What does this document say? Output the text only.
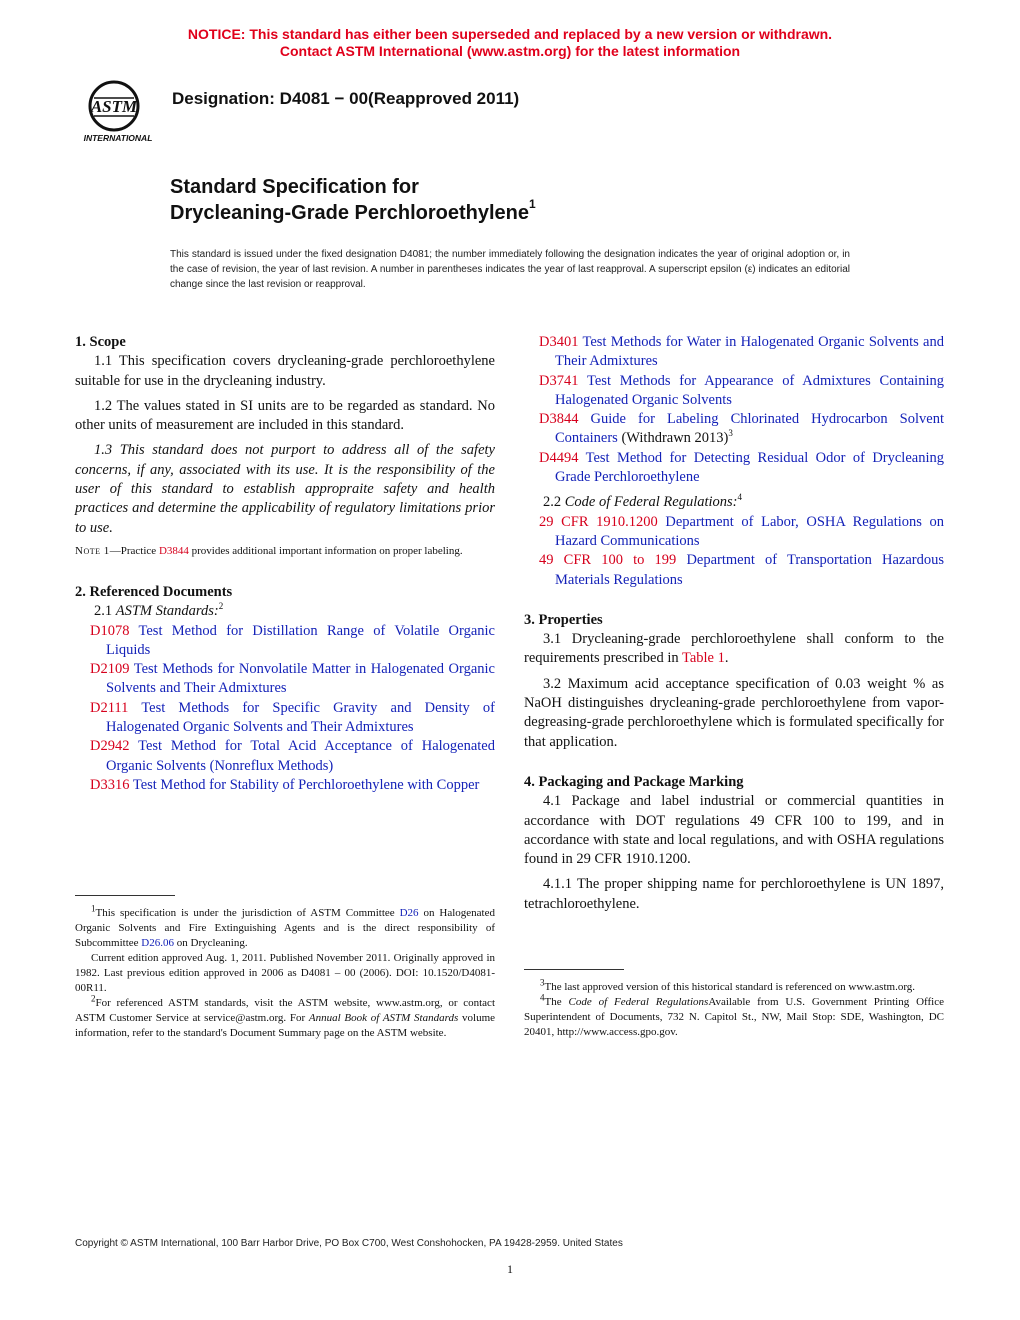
NOTICE: This standard has either been superseded and replaced by a new version or withdrawn.
Contact ASTM International (www.astm.org) for the latest information
ASTM
INTERNATIONAL
Designation: D4081 − 00(Reapproved 2011)
Standard Specification for
Drycleaning-Grade Perchloroethylene$^1$
This standard is issued under the fixed designation D4081; the number immediately following the designation indicates the year of original adoption or, in the case of revision, the year of last revision. A number in parentheses indicates the year of last reapproval. A superscript epsilon (ε) indicates an editorial change since the last revision or reapproval.

1. Scope

1.1 This specification covers drycleaning-grade perchloroethylene suitable for use in the drycleaning industry.

1.2 The values stated in SI units are to be regarded as standard. No other units of measurement are included in this standard.

1.3 This standard does not purport to address all of the safety concerns, if any, associated with its use. It is the responsibility of the user of this standard to establish appropraite safety and health practices and determine the applicability of regulatory limitations prior to use.

Note 1—Practice D3844 provides additional important information on proper labeling.

2. Referenced Documents

2.1 ASTM Standards:$^2$

D1078 Test Method for Distillation Range of Volatile Organic Liquids

D2109 Test Methods for Nonvolatile Matter in Halogenated Organic Solvents and Their Admixtures

D2111 Test Methods for Specific Gravity and Density of Halogenated Organic Solvents and Their Admixtures

D2942 Test Method for Total Acid Acceptance of Halogenated Organic Solvents (Nonreflux Methods)

D3316 Test Method for Stability of Perchloroethylene with Copper

D3401 Test Methods for Water in Halogenated Organic Solvents and Their Admixtures

D3741 Test Methods for Appearance of Admixtures Containing Halogenated Organic Solvents

D3844 Guide for Labeling Chlorinated Hydrocarbon Solvent Containers (Withdrawn 2013)$^3$

D4494 Test Method for Detecting Residual Odor of Drycleaning Grade Perchloroethylene

2.2 Code of Federal Regulations:$^4$

29 CFR 1910.1200 Department of Labor, OSHA Regulations on Hazard Communications

49 CFR 100 to 199 Department of Transportation Hazardous Materials Regulations

3. Properties

3.1 Drycleaning-grade perchloroethylene shall conform to the requirements prescribed in Table 1.

3.2 Maximum acid acceptance specification of 0.03 weight % as NaOH distinguishes drycleaning-grade perchloroethylene from vapor-degreasing-grade perchloroethylene which is formulated specifically for that application.

4. Packaging and Package Marking

4.1 Package and label industrial or commercial quantities in accordance with DOT regulations 49 CFR 100 to 199, and in accordance with state and local regulations, and with OSHA regulations found in 29 CFR 1910.1200.

4.1.1 The proper shipping name for perchloroethylene is UN 1897, tetrachloroethylene.

$^1$This specification is under the jurisdiction of ASTM Committee D26 on Halogenated Organic Solvents and Fire Extinguishing Agents and is the direct responsibility of Subcommittee D26.06 on Drycleaning.

Current edition approved Aug. 1, 2011. Published November 2011. Originally approved in 1982. Last previous edition approved in 2006 as D4081 – 00 (2006). DOI: 10.1520/D4081-00R11.

$^2$For referenced ASTM standards, visit the ASTM website, www.astm.org, or contact ASTM Customer Service at service@astm.org. For Annual Book of ASTM Standards volume information, refer to the standard's Document Summary page on the ASTM website.

$^3$The last approved version of this historical standard is referenced on www.astm.org.

$^4$The Code of Federal RegulationsAvailable from U.S. Government Printing Office Superintendent of Documents, 732 N. Capitol St., NW, Mail Stop: SDE, Washington, DC 20401, http://www.access.gpo.gov.

Copyright © ASTM International, 100 Barr Harbor Drive, PO Box C700, West Conshohocken, PA 19428-2959. United States
1
